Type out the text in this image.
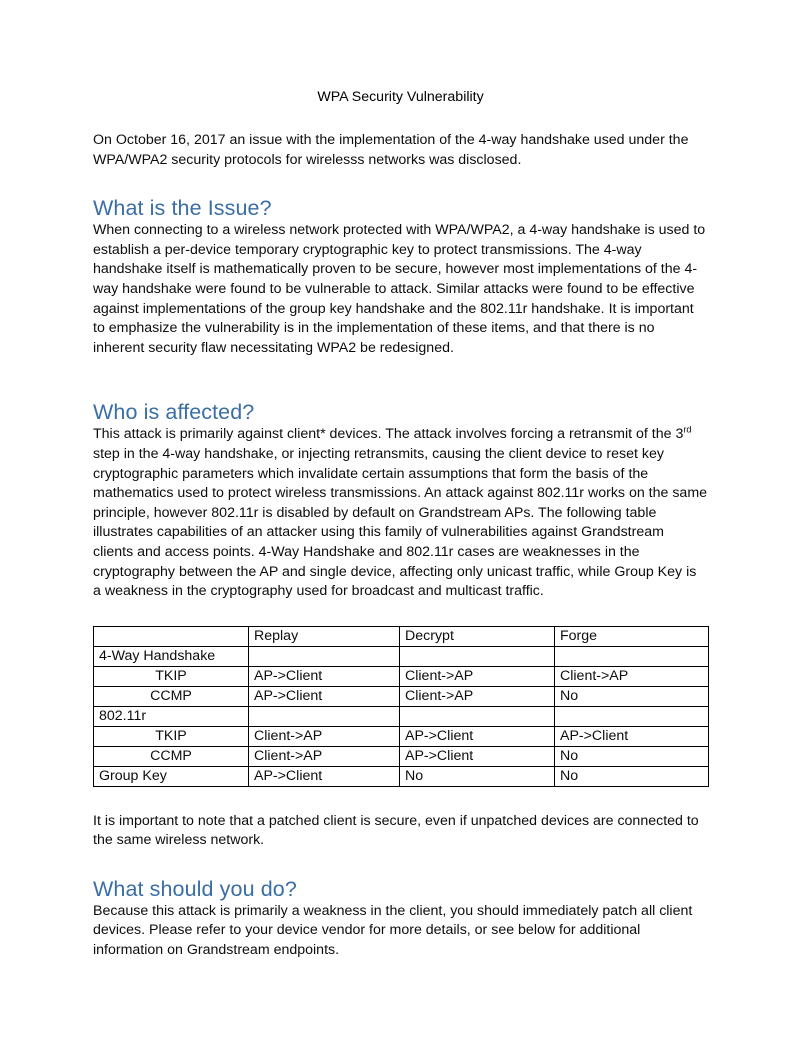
WPA Security Vulnerability

On October 16, 2017 an issue with the implementation of the 4-way handshake used under the WPA/WPA2 security protocols for wirelesss networks was disclosed.

What is the Issue?

When connecting to a wireless network protected with WPA/WPA2, a 4-way handshake is used to establish a per-device temporary cryptographic key to protect transmissions. The 4-way handshake itself is mathematically proven to be secure, however most implementations of the 4-way handshake were found to be vulnerable to attack. Similar attacks were found to be effective against implementations of the group key handshake and the 802.11r handshake. It is important to emphasize the vulnerability is in the implementation of these items, and that there is no inherent security flaw necessitating WPA2 be redesigned.

Who is affected?

This attack is primarily against client* devices. The attack involves forcing a retransmit of the 3rd step in the 4-way handshake, or injecting retransmits, causing the client device to reset key cryptographic parameters which invalidate certain assumptions that form the basis of the mathematics used to protect wireless transmissions. An attack against 802.11r works on the same principle, however 802.11r is disabled by default on Grandstream APs. The following table illustrates capabilities of an attacker using this family of vulnerabilities against Grandstream clients and access points. 4-Way Handshake and 802.11r cases are weaknesses in the cryptography between the AP and single device, affecting only unicast traffic, while Group Key is a weakness in the cryptography used for broadcast and multicast traffic.

	Replay	Decrypt	Forge
4-Way Handshake			
TKIP	AP->Client	Client->AP	Client->AP
CCMP	AP->Client	Client->AP	No
802.11r			
TKIP	Client->AP	AP->Client	AP->Client
CCMP	Client->AP	AP->Client	No
Group Key	AP->Client	No	No

It is important to note that a patched client is secure, even if unpatched devices are connected to the same wireless network.

What should you do?

Because this attack is primarily a weakness in the client, you should immediately patch all client devices. Please refer to your device vendor for more details, or see below for additional information on Grandstream endpoints.
